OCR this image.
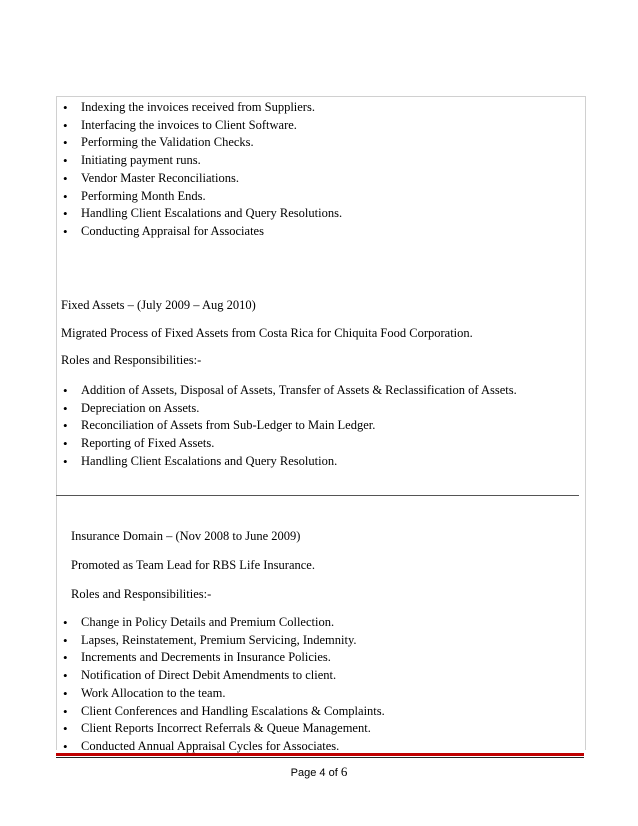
• Indexing the invoices received from Suppliers.
• Interfacing the invoices to Client Software.
• Performing the Validation Checks.
• Initiating payment runs.
• Vendor Master Reconciliations.
• Performing Month Ends.
• Handling Client Escalations and Query Resolutions.
• Conducting Appraisal for Associates
Fixed Assets – (July 2009 – Aug 2010)
Migrated Process of Fixed Assets from Costa Rica for Chiquita Food Corporation.
Roles and Responsibilities:-
• Addition of Assets, Disposal of Assets, Transfer of Assets & Reclassification of Assets.
• Depreciation on Assets.
• Reconciliation of Assets from Sub-Ledger to Main Ledger.
• Reporting of Fixed Assets.
• Handling Client Escalations and Query Resolution.
Insurance Domain – (Nov 2008 to June 2009)
Promoted as Team Lead for RBS Life Insurance.
Roles and Responsibilities:-
• Change in Policy Details and Premium Collection.
• Lapses, Reinstatement, Premium Servicing, Indemnity.
• Increments and Decrements in Insurance Policies.
• Notification of Direct Debit Amendments to client.
• Work Allocation to the team.
• Client Conferences and Handling Escalations & Complaints.
• Client Reports Incorrect Referrals & Queue Management.
• Conducted Annual Appraisal Cycles for Associates.
Page 4 of 6
